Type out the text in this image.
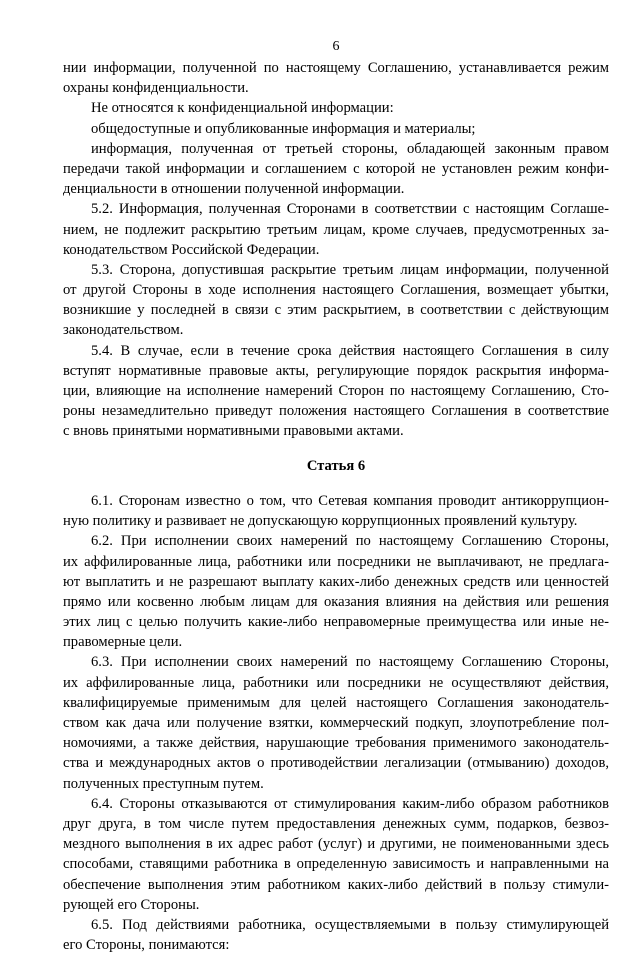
6
нии информации, полученной по настоящему Соглашению, устанавливается режим
охраны конфиденциальности.
Не относятся к конфиденциальной информации:
общедоступные и опубликованные информация и материалы;
информация, полученная от третьей стороны, обладающей законным правом
передачи такой информации и соглашением с которой не установлен режим конфи-
денциальности в отношении полученной информации.
5.2. Информация, полученная Сторонами в соответствии с настоящим Соглаше-
нием, не подлежит раскрытию третьим лицам, кроме случаев, предусмотренных за-
конодательством Российской Федерации.
5.3. Сторона, допустившая раскрытие третьим лицам информации, полученной
от другой Стороны в ходе исполнения настоящего Соглашения, возмещает убытки,
возникшие у последней в связи с этим раскрытием, в соответствии с действующим
законодательством.
5.4. В случае, если в течение срока действия настоящего Соглашения в силу
вступят нормативные правовые акты, регулирующие порядок раскрытия информа-
ции, влияющие на исполнение намерений Сторон по настоящему Соглашению, Сто-
роны незамедлительно приведут положения настоящего Соглашения в соответствие
с вновь принятыми нормативными правовыми актами.
Статья 6
6.1. Сторонам известно о том, что Сетевая компания проводит антикоррупцион-
ную политику и развивает не допускающую коррупционных проявлений культуру.
6.2. При исполнении своих намерений по настоящему Соглашению Стороны,
их аффилированные лица, работники или посредники не выплачивают, не предлага-
ют выплатить и не разрешают выплату каких-либо денежных средств или ценностей
прямо или косвенно любым лицам для оказания влияния на действия или решения
этих лиц с целью получить какие-либо неправомерные преимущества или иные не-
правомерные цели.
6.3. При исполнении своих намерений по настоящему Соглашению Стороны,
их аффилированные лица, работники или посредники не осуществляют действия,
квалифицируемые применимым для целей настоящего Соглашения законодатель-
ством как дача или получение взятки, коммерческий подкуп, злоупотребление пол-
номочиями, а также действия, нарушающие требования применимого законодатель-
ства и международных актов о противодействии легализации (отмыванию) доходов,
полученных преступным путем.
6.4. Стороны отказываются от стимулирования каким-либо образом работников
друг друга, в том числе путем предоставления денежных сумм, подарков, безвоз-
мездного выполнения в их адрес работ (услуг) и другими, не поименованными здесь
способами, ставящими работника в определенную зависимость и направленными на
обеспечение выполнения этим работником каких-либо действий в пользу стимули-
рующей его Стороны.
6.5. Под действиями работника, осуществляемыми в пользу стимулирующей
его Стороны, понимаются:
